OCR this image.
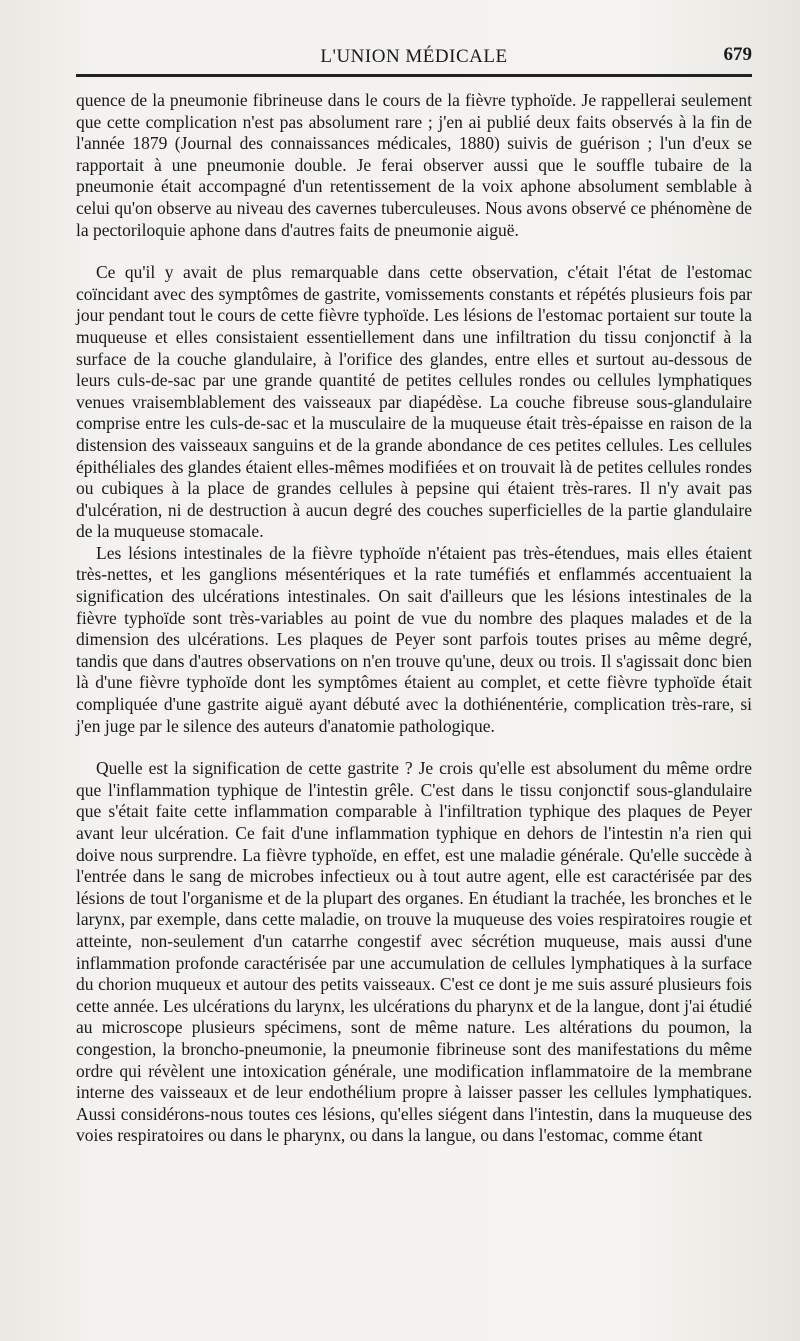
L'UNION MÉDICALE	679

quence de la pneumonie fibrineuse dans le cours de la fièvre typhoïde. Je rappellerai seulement que cette complication n'est pas absolument rare ; j'en ai publié deux faits observés à la fin de l'année 1879 (Journal des connaissances médicales, 1880) suivis de guérison ; l'un d'eux se rapportait à une pneumonie double. Je ferai observer aussi que le souffle tubaire de la pneumonie était accompagné d'un retentissement de la voix aphone absolument semblable à celui qu'on observe au niveau des cavernes tuberculeuses. Nous avons observé ce phénomène de la pectoriloquie aphone dans d'autres faits de pneumonie aiguë.

Ce qu'il y avait de plus remarquable dans cette observation, c'était l'état de l'estomac coïncidant avec des symptômes de gastrite, vomissements constants et répétés plusieurs fois par jour pendant tout le cours de cette fièvre typhoïde. Les lésions de l'estomac portaient sur toute la muqueuse et elles consistaient essentiellement dans une infiltration du tissu conjonctif à la surface de la couche glandulaire, à l'orifice des glandes, entre elles et surtout au-dessous de leurs culs-de-sac par une grande quantité de petites cellules rondes ou cellules lymphatiques venues vraisemblablement des vaisseaux par diapédèse. La couche fibreuse sous-glandulaire comprise entre les culs-de-sac et la musculaire de la muqueuse était très-épaisse en raison de la distension des vaisseaux sanguins et de la grande abondance de ces petites cellules. Les cellules épithéliales des glandes étaient elles-mêmes modifiées et on trouvait là de petites cellules rondes ou cubiques à la place de grandes cellules à pepsine qui étaient très-rares. Il n'y avait pas d'ulcération, ni de destruction à aucun degré des couches superficielles de la partie glandulaire de la muqueuse stomacale.

Les lésions intestinales de la fièvre typhoïde n'étaient pas très-étendues, mais elles étaient très-nettes, et les ganglions mésentériques et la rate tuméfiés et enflammés accentuaient la signification des ulcérations intestinales. On sait d'ailleurs que les lésions intestinales de la fièvre typhoïde sont très-variables au point de vue du nombre des plaques malades et de la dimension des ulcérations. Les plaques de Peyer sont parfois toutes prises au même degré, tandis que dans d'autres observations on n'en trouve qu'une, deux ou trois. Il s'agissait donc bien là d'une fièvre typhoïde dont les symptômes étaient au complet, et cette fièvre typhoïde était compliquée d'une gastrite aiguë ayant débuté avec la dothiénentérie, complication très-rare, si j'en juge par le silence des auteurs d'anatomie pathologique.

Quelle est la signification de cette gastrite ? Je crois qu'elle est absolument du même ordre que l'inflammation typhique de l'intestin grêle. C'est dans le tissu conjonctif sous-glandulaire que s'était faite cette inflammation comparable à l'infiltration typhique des plaques de Peyer avant leur ulcération. Ce fait d'une inflammation typhique en dehors de l'intestin n'a rien qui doive nous surprendre. La fièvre typhoïde, en effet, est une maladie générale. Qu'elle succède à l'entrée dans le sang de microbes infectieux ou à tout autre agent, elle est caractérisée par des lésions de tout l'organisme et de la plupart des organes. En étudiant la trachée, les bronches et le larynx, par exemple, dans cette maladie, on trouve la muqueuse des voies respiratoires rougie et atteinte, non-seulement d'un catarrhe congestif avec sécrétion muqueuse, mais aussi d'une inflammation profonde caractérisée par une accumulation de cellules lymphatiques à la surface du chorion muqueux et autour des petits vaisseaux. C'est ce dont je me suis assuré plusieurs fois cette année. Les ulcérations du larynx, les ulcérations du pharynx et de la langue, dont j'ai étudié au microscope plusieurs spécimens, sont de même nature. Les altérations du poumon, la congestion, la broncho-pneumonie, la pneumonie fibrineuse sont des manifestations du même ordre qui révèlent une intoxication générale, une modification inflammatoire de la membrane interne des vaisseaux et de leur endothélium propre à laisser passer les cellules lymphatiques. Aussi considérons-nous toutes ces lésions, qu'elles siégent dans l'intestin, dans la muqueuse des voies respiratoires ou dans le pharynx, ou dans la langue, ou dans l'estomac, comme étant
